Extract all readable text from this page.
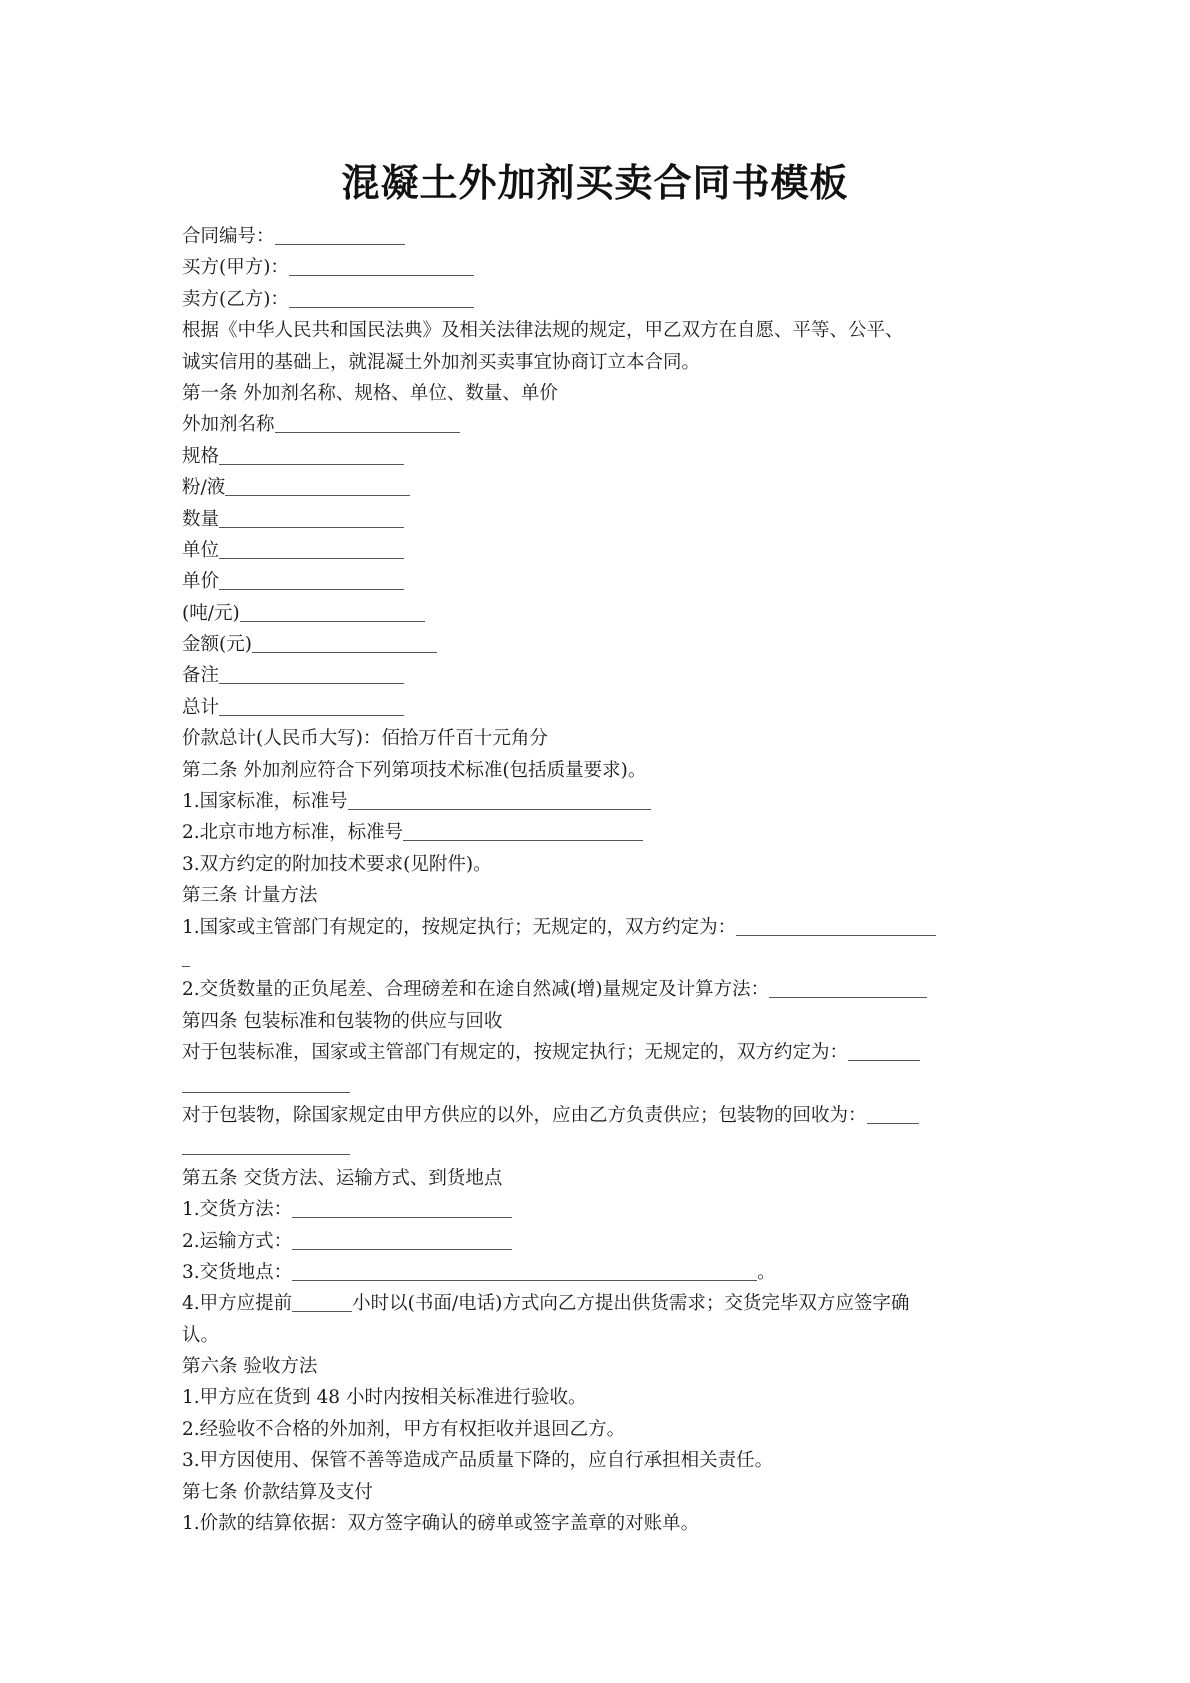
混凝土外加剂买卖合同书模板
合同编号：
买方(甲方)：
卖方(乙方)：
根据《中华人民共和国民法典》及相关法律法规的规定，甲乙双方在自愿、平等、公平、
诚实信用的基础上，就混凝土外加剂买卖事宜协商订立本合同。
第一条 外加剂名称、规格、单位、数量、单价
外加剂名称
规格
粉/液
数量
单位
单价
(吨/元)
金额(元)
备注
总计
价款总计(人民币大写)：佰拾万仟百十元角分
第二条 外加剂应符合下列第项技术标准(包括质量要求)。
1.国家标准，标准号
2.北京市地方标准，标准号
3.双方约定的附加技术要求(见附件)。
第三条 计量方法
1.国家或主管部门有规定的，按规定执行；无规定的，双方约定为：
2.交货数量的正负尾差、合理磅差和在途自然减(增)量规定及计算方法：
第四条 包装标准和包装物的供应与回收
对于包装标准，国家或主管部门有规定的，按规定执行；无规定的，双方约定为：
对于包装物，除国家规定由甲方供应的以外，应由乙方负责供应；包装物的回收为：
第五条 交货方法、运输方式、到货地点
1.交货方法：
2.运输方式：
3.交货地点：	。
4.甲方应提前	小时以(书面/电话)方式向乙方提出供货需求；交货完毕双方应签字确
认。
第六条 验收方法
1.甲方应在货到 48 小时内按相关标准进行验收。
2.经验收不合格的外加剂，甲方有权拒收并退回乙方。
3.甲方因使用、保管不善等造成产品质量下降的，应自行承担相关责任。
第七条 价款结算及支付
1.价款的结算依据：双方签字确认的磅单或签字盖章的对账单。
